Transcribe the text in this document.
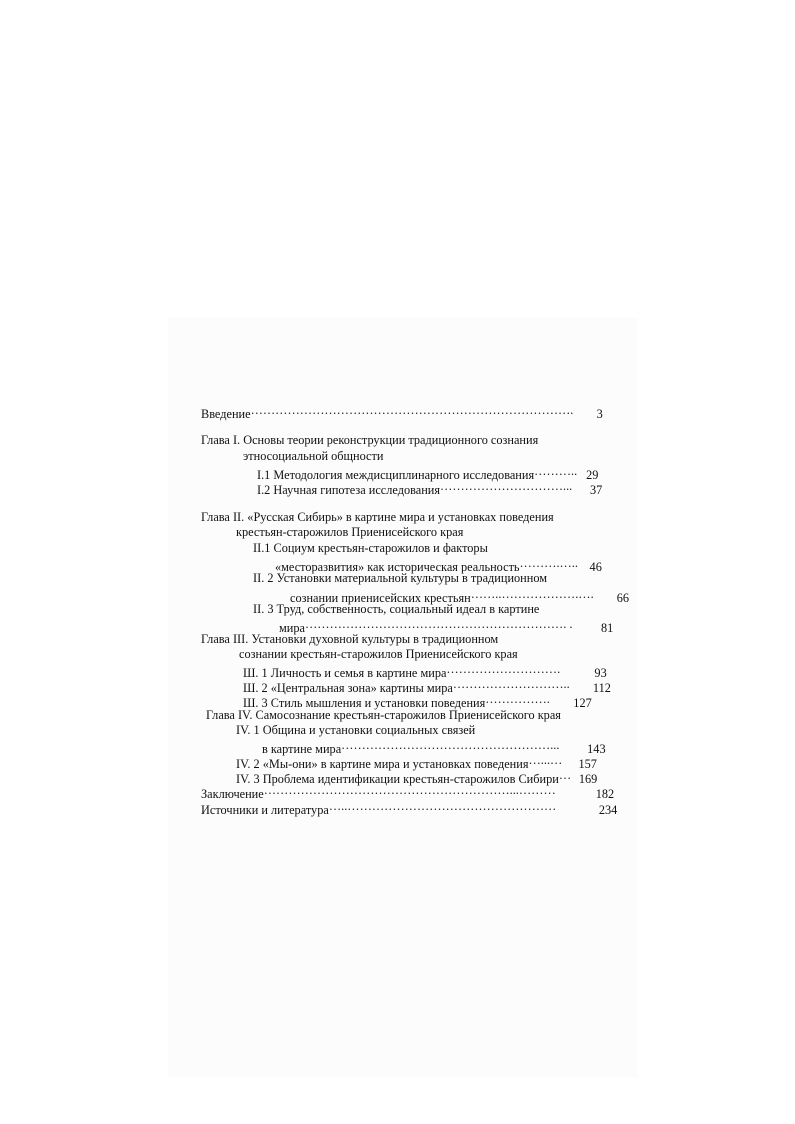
Введение……………………………………………………………………. 3
Глава I. Основы теории реконструкции традиционного сознания
этносоциальной общности
I.1 Методология междисциплинарного исследования……….. 29
I.2 Научная гипотеза исследования…………………………... 37
Глава II. «Русская Сибирь» в картине мира и установках поведения
крестьян-старожилов Приенисейского края
II.1 Социум крестьян-старожилов и факторы
«месторазвития» как историческая реальность……….….. 46
II. 2 Установки материальной культуры в традиционном
сознании приенисейских крестьян……..……………….…. 66
II. 3 Труд, собственность, социальный идеал в картине
мира………………………………………………………. . 81
Глава III. Установки духовной культуры в традиционном
сознании крестьян-старожилов Приенисейского края
Ш. 1 Личность и семья в картине мира……………………….	93
Ш. 2 «Центральная зона» картины мира……………………….. 112
Ш. 3 Стиль мышления и установки поведения……………. 127
Глава IV. Самосознание крестьян-старожилов Приенисейского края
IV. 1 Община и установки социальных связей
в картине мира……………………………………………... 143
IV. 2 «Мы-они» в картине мира и установках поведения…...… 157
IV. 3 Проблема идентификации крестьян-старожилов Сибири… 169
Заключение……………………………………………………...………	182
Источники и литература…..……………………………………………	234
